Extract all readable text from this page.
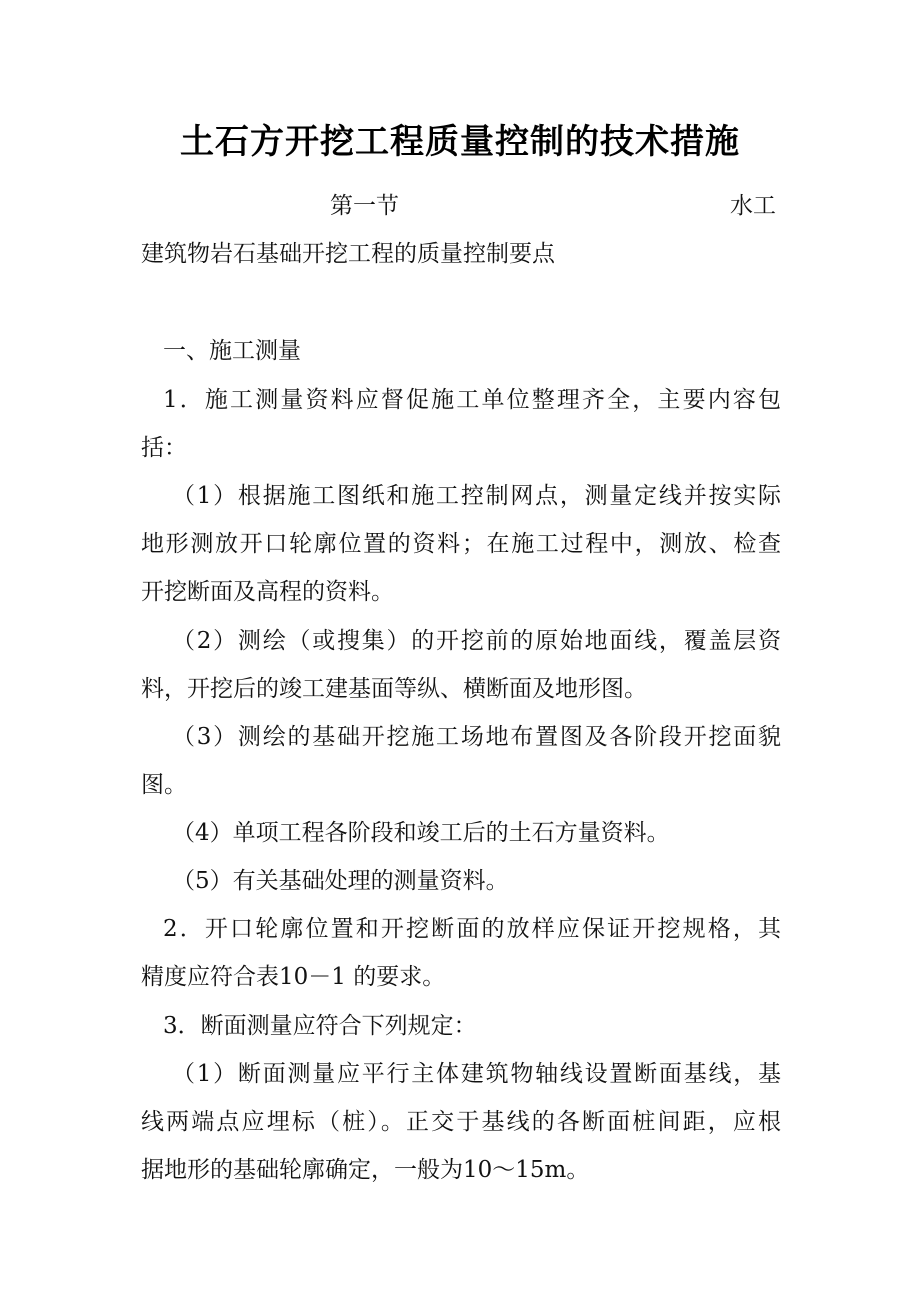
土石方开挖工程质量控制的技术措施
第一节	水工
建筑物岩石基础开挖工程的质量控制要点
一、施工测量
1．施工测量资料应督促施工单位整理齐全，主要内容包
括：
（1）根据施工图纸和施工控制网点，测量定线并按实际
地形测放开口轮廓位置的资料；在施工过程中，测放、检查
开挖断面及高程的资料。
（2）测绘（或搜集）的开挖前的原始地面线，覆盖层资
料，开挖后的竣工建基面等纵、横断面及地形图。
（3）测绘的基础开挖施工场地布置图及各阶段开挖面貌
图。
（4）单项工程各阶段和竣工后的土石方量资料。
（5）有关基础处理的测量资料。
2．开口轮廓位置和开挖断面的放样应保证开挖规格，其
精度应符合表10－1 的要求。
3．断面测量应符合下列规定：
（1）断面测量应平行主体建筑物轴线设置断面基线，基
线两端点应埋标（桩）。正交于基线的各断面桩间距，应根
据地形的基础轮廓确定，一般为10～15m。
